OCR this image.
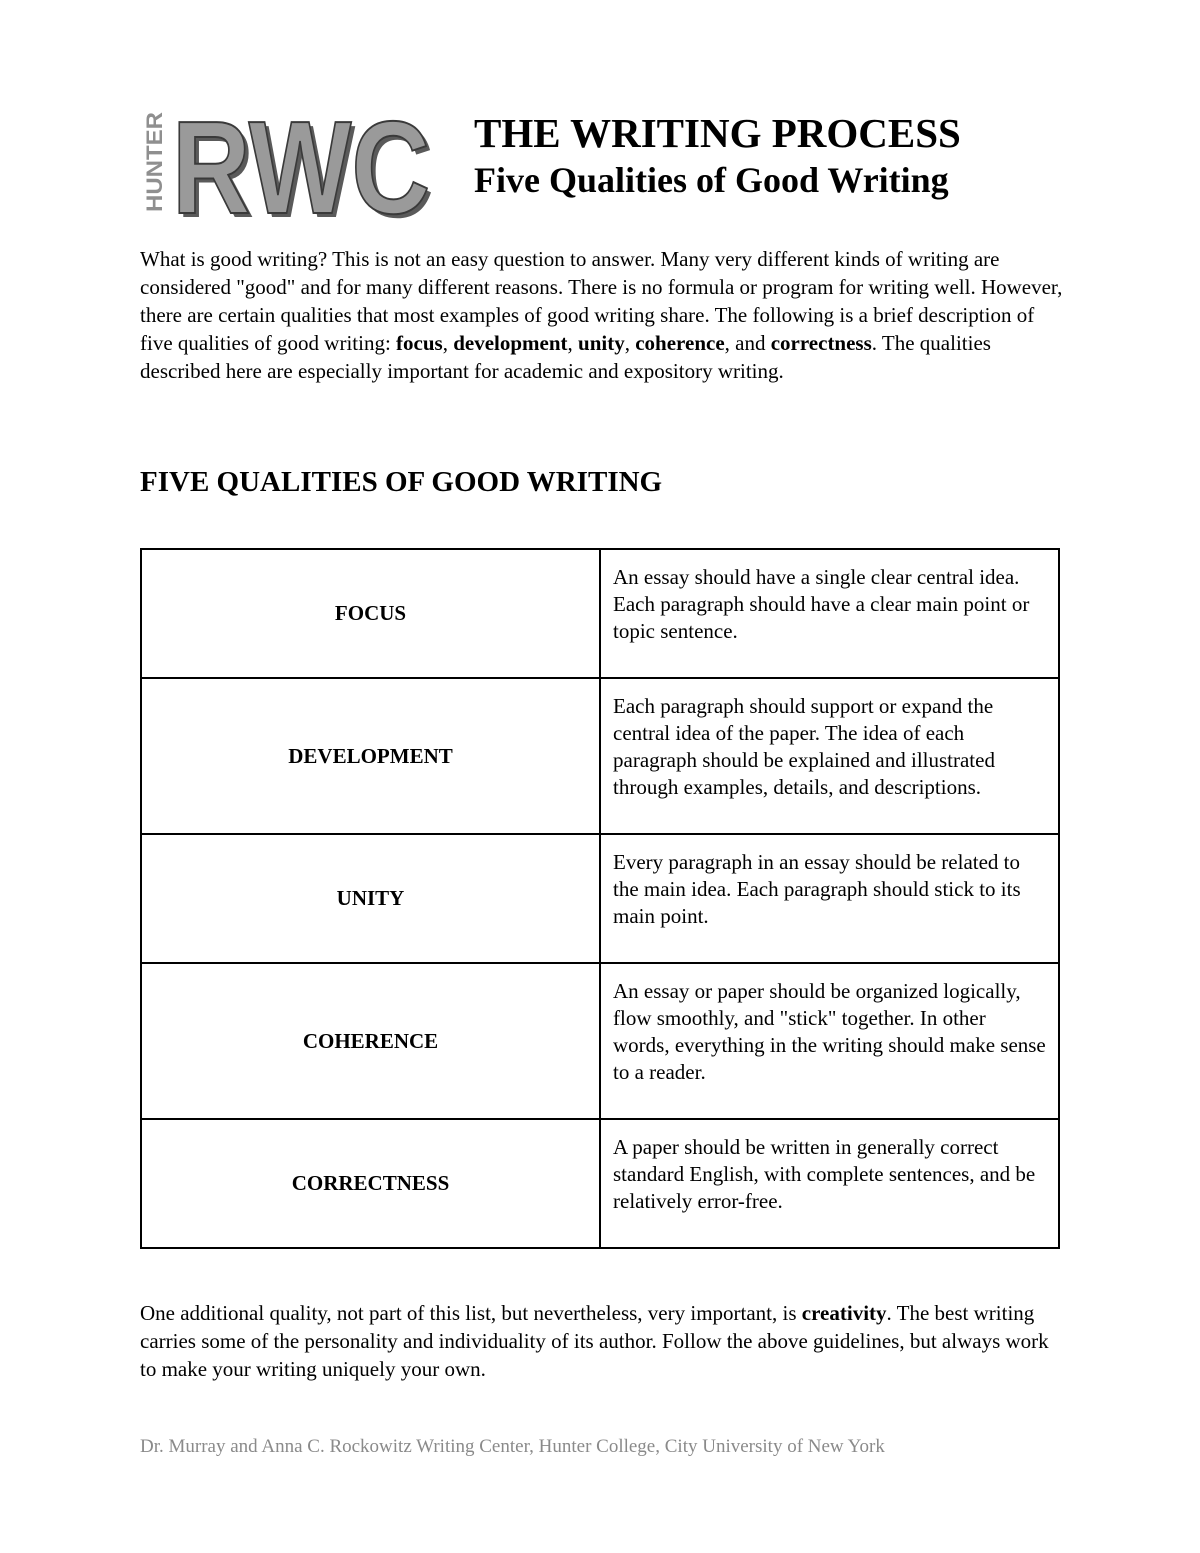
HUNTER RWC
RWC THE WRITING PROCESS
Five Qualities of Good Writing

What is good writing? This is not an easy question to answer. Many very different kinds of writing are considered "good" and for many different reasons. There is no formula or program for writing well. However, there are certain qualities that most examples of good writing share. The following is a brief description of five qualities of good writing: focus, development, unity, coherence, and correctness. The qualities described here are especially important for academic and expository writing.

FIVE QUALITIES OF GOOD WRITING
FOCUS	An essay should have a single clear central idea. Each paragraph should have a clear main point or topic sentence.
DEVELOPMENT	Each paragraph should support or expand the central idea of the paper. The idea of each paragraph should be explained and illustrated through examples, details, and descriptions.
UNITY	Every paragraph in an essay should be related to the main idea. Each paragraph should stick to its main point.
COHERENCE	An essay or paper should be organized logically, flow smoothly, and "stick" together. In other words, everything in the writing should make sense to a reader.
CORRECTNESS	A paper should be written in generally correct standard English, with complete sentences, and be relatively error-free.

One additional quality, not part of this list, but nevertheless, very important, is creativity. The best writing carries some of the personality and individuality of its author. Follow the above guidelines, but always work to make your writing uniquely your own.

Dr. Murray and Anna C. Rockowitz Writing Center, Hunter College, City University of New York
